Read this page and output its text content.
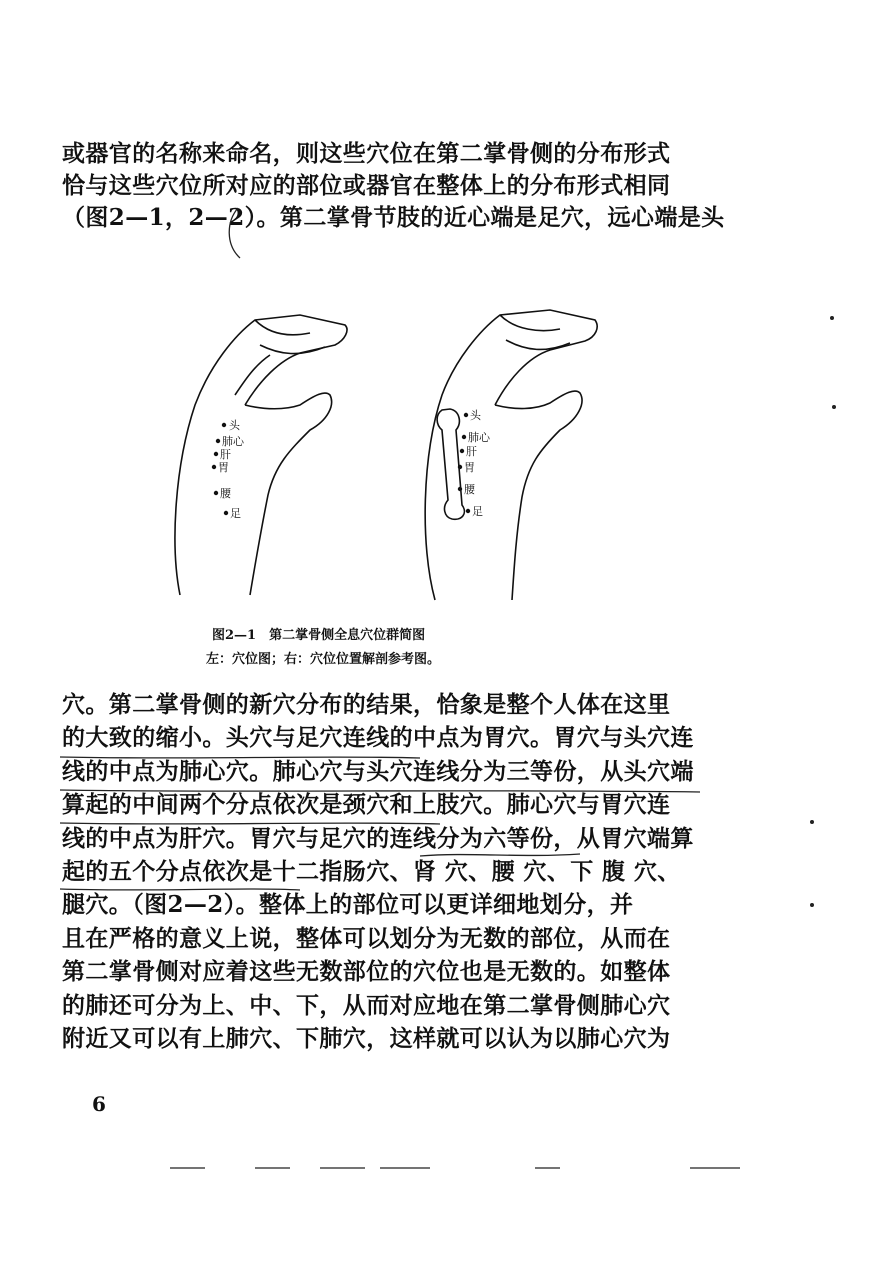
或器官的名称来命名，则这些穴位在第二掌骨侧的分布形式
恰与这些穴位所对应的部位或器官在整体上的分布形式相同
（图2—1，2—2）。第二掌骨节肢的近心端是足穴，远心端是头
头
肺心
肝
胃
腰
足
头
肺心
肝
胃
腰
足
图2—1　第二掌骨侧全息穴位群简图
左：穴位图；右：穴位位置解剖参考图。
穴。第二掌骨侧的新穴分布的结果，恰象是整个人体在这里
的大致的缩小。头穴与足穴连线的中点为胃穴。胃穴与头穴连
线的中点为肺心穴。肺心穴与头穴连线分为三等份，从头穴端
算起的中间两个分点依次是颈穴和上肢穴。肺心穴与胃穴连
线的中点为肝穴。胃穴与足穴的连线分为六等份，从胃穴端算
起的五个分点依次是十二指肠穴、肾 穴、腰 穴、下 腹 穴、
腿穴。（图2—2）。整体上的部位可以更详细地划分，并
且在严格的意义上说，整体可以划分为无数的部位，从而在
第二掌骨侧对应着这些无数部位的穴位也是无数的。如整体
的肺还可分为上、中、下，从而对应地在第二掌骨侧肺心穴
附近又可以有上肺穴、下肺穴，这样就可以认为以肺心穴为
6
